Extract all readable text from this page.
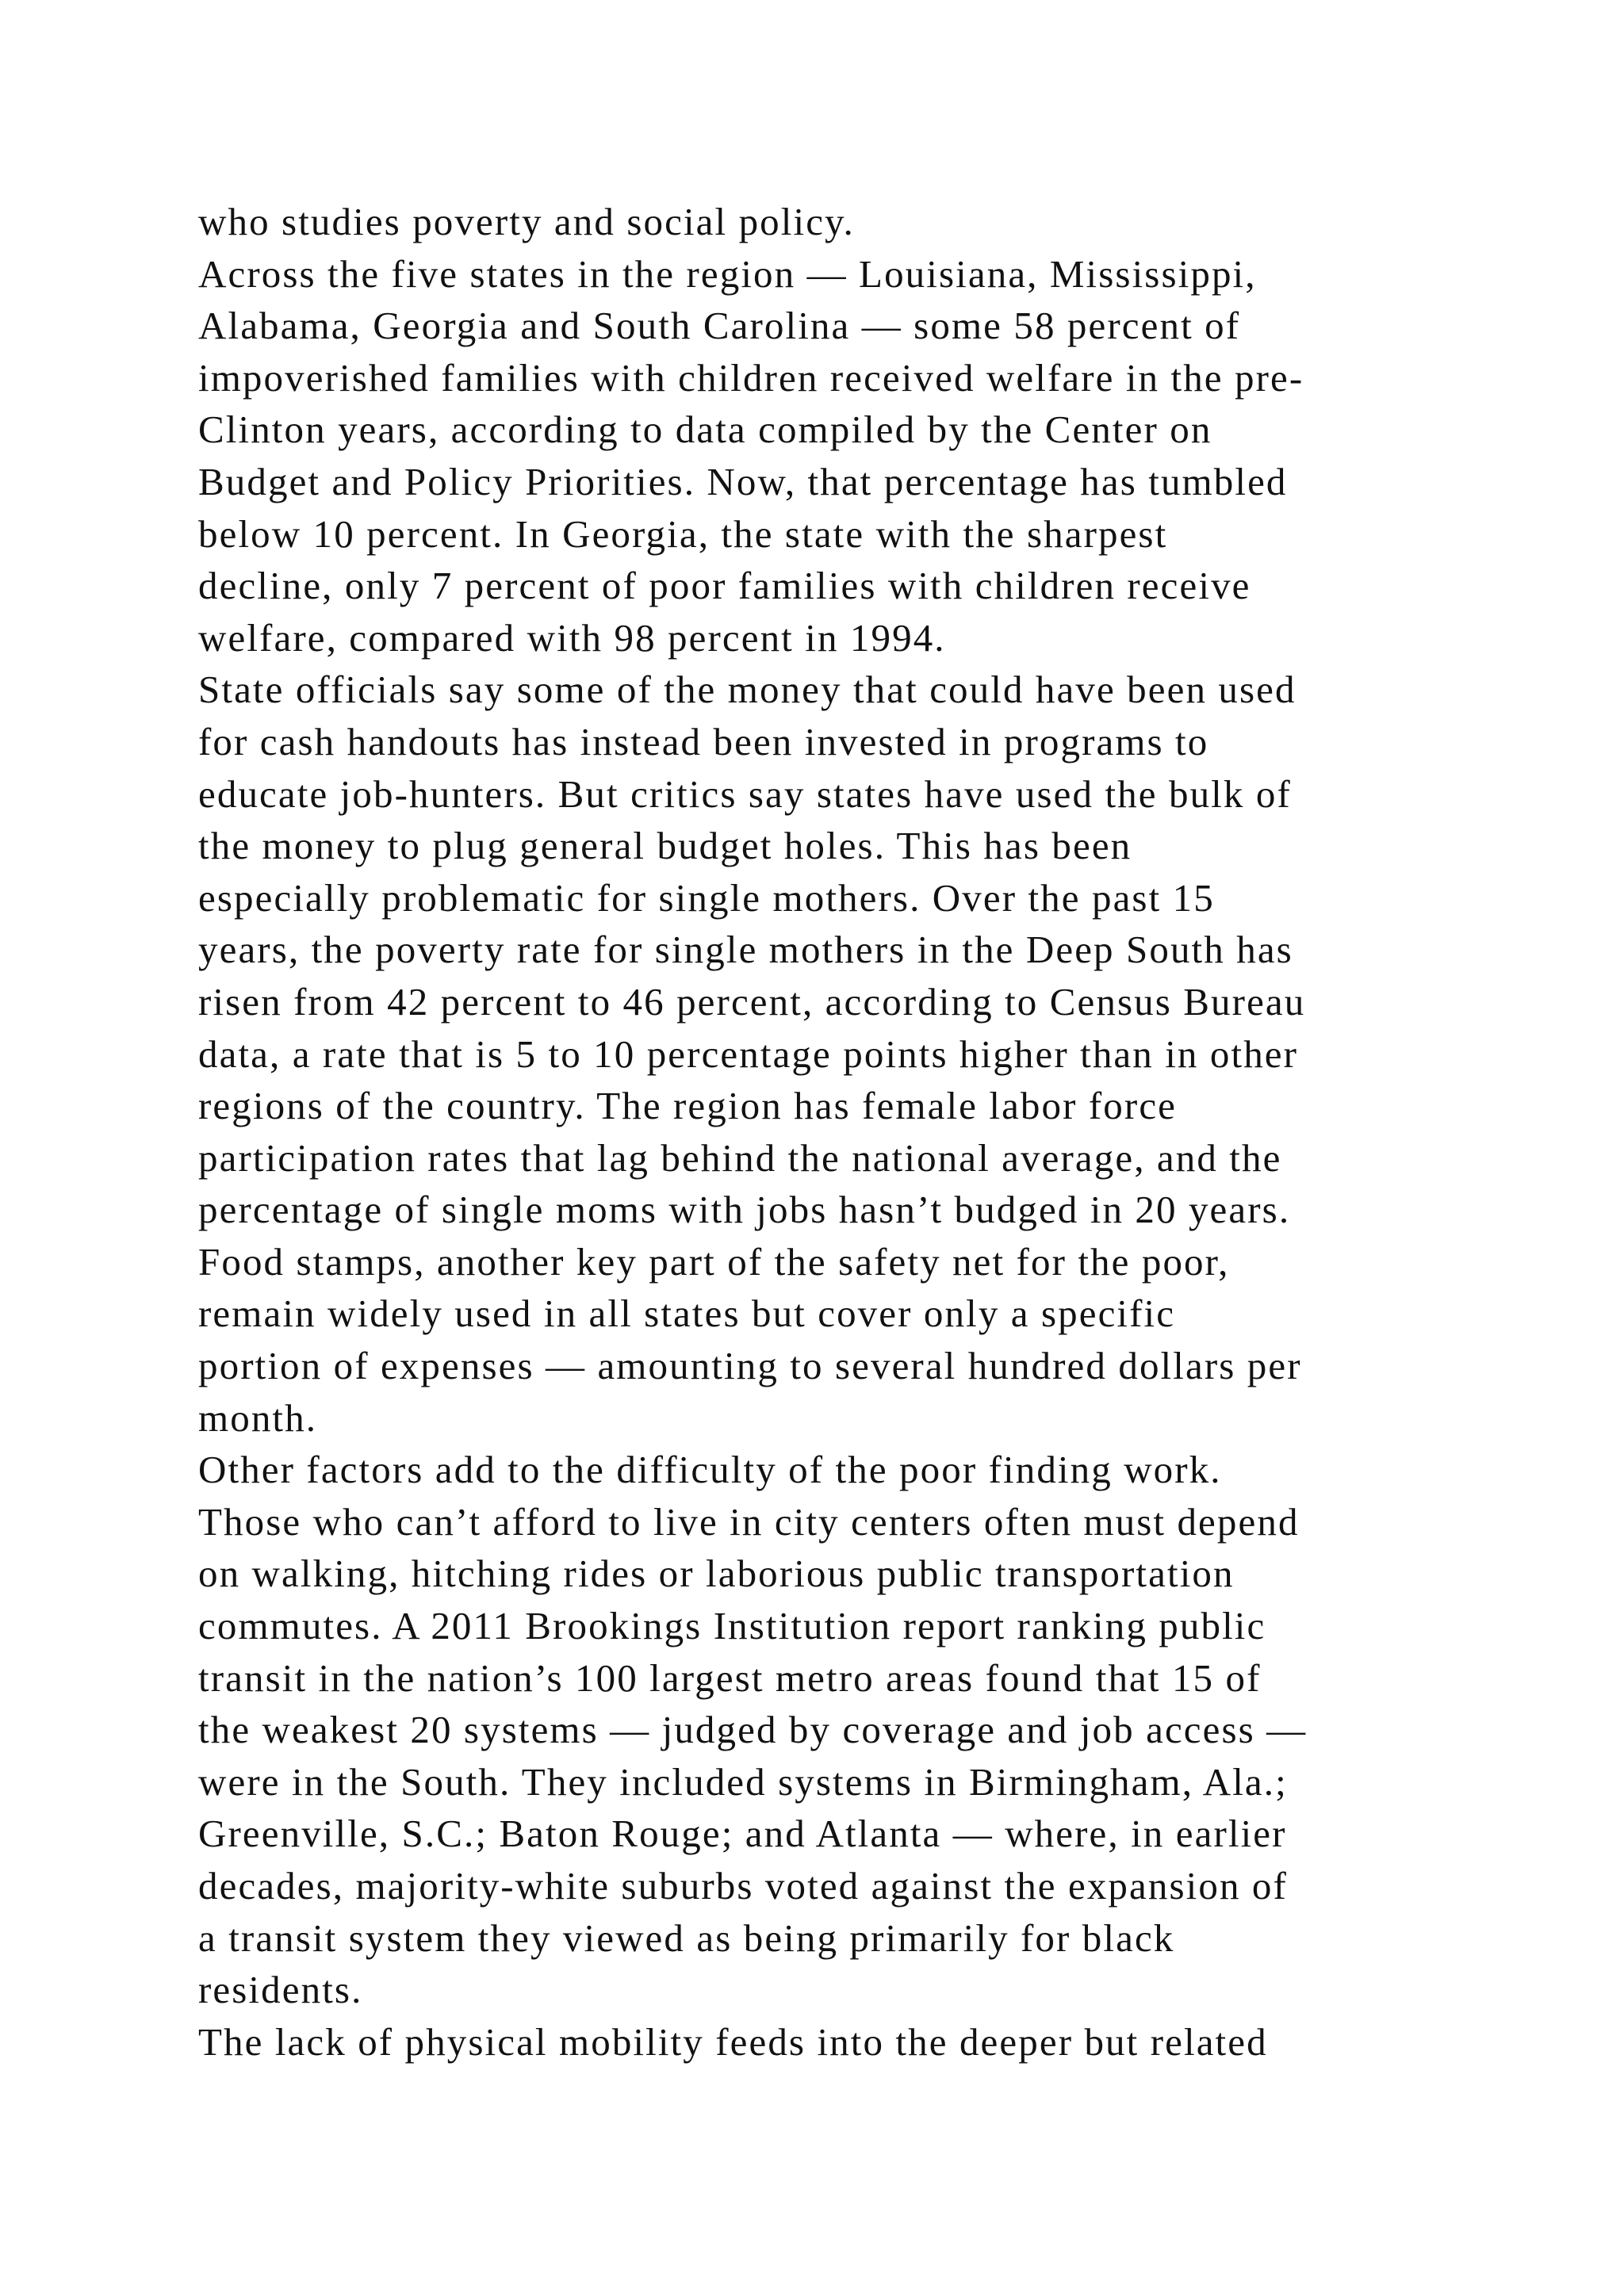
who studies poverty and social policy.
Across the five states in the region — Louisiana, Mississippi,
Alabama, Georgia and South Carolina — some 58 percent of
impoverished families with children received welfare in the pre-
Clinton years, according to data compiled by the Center on
Budget and Policy Priorities. Now, that percentage has tumbled
below 10 percent. In Georgia, the state with the sharpest
decline, only 7 percent of poor families with children receive
welfare, compared with 98 percent in 1994.
State officials say some of the money that could have been used
for cash handouts has instead been invested in programs to
educate job-hunters. But critics say states have used the bulk of
the money to plug general budget holes. This has been
especially problematic for single mothers. Over the past 15
years, the poverty rate for single mothers in the Deep South has
risen from 42 percent to 46 percent, according to Census Bureau
data, a rate that is 5 to 10 percentage points higher than in other
regions of the country. The region has female labor force
participation rates that lag behind the national average, and the
percentage of single moms with jobs hasn’t budged in 20 years.
Food stamps, another key part of the safety net for the poor,
remain widely used in all states but cover only a specific
portion of expenses — amounting to several hundred dollars per
month.
Other factors add to the difficulty of the poor finding work.
Those who can’t afford to live in city centers often must depend
on walking, hitching rides or laborious public transportation
commutes. A 2011 Brookings Institution report ranking public
transit in the nation’s 100 largest metro areas found that 15 of
the weakest 20 systems — judged by coverage and job access —
were in the South. They included systems in Birmingham, Ala.;
Greenville, S.C.; Baton Rouge; and Atlanta — where, in earlier
decades, majority-white suburbs voted against the expansion of
a transit system they viewed as being primarily for black
residents.
The lack of physical mobility feeds into the deeper but related
